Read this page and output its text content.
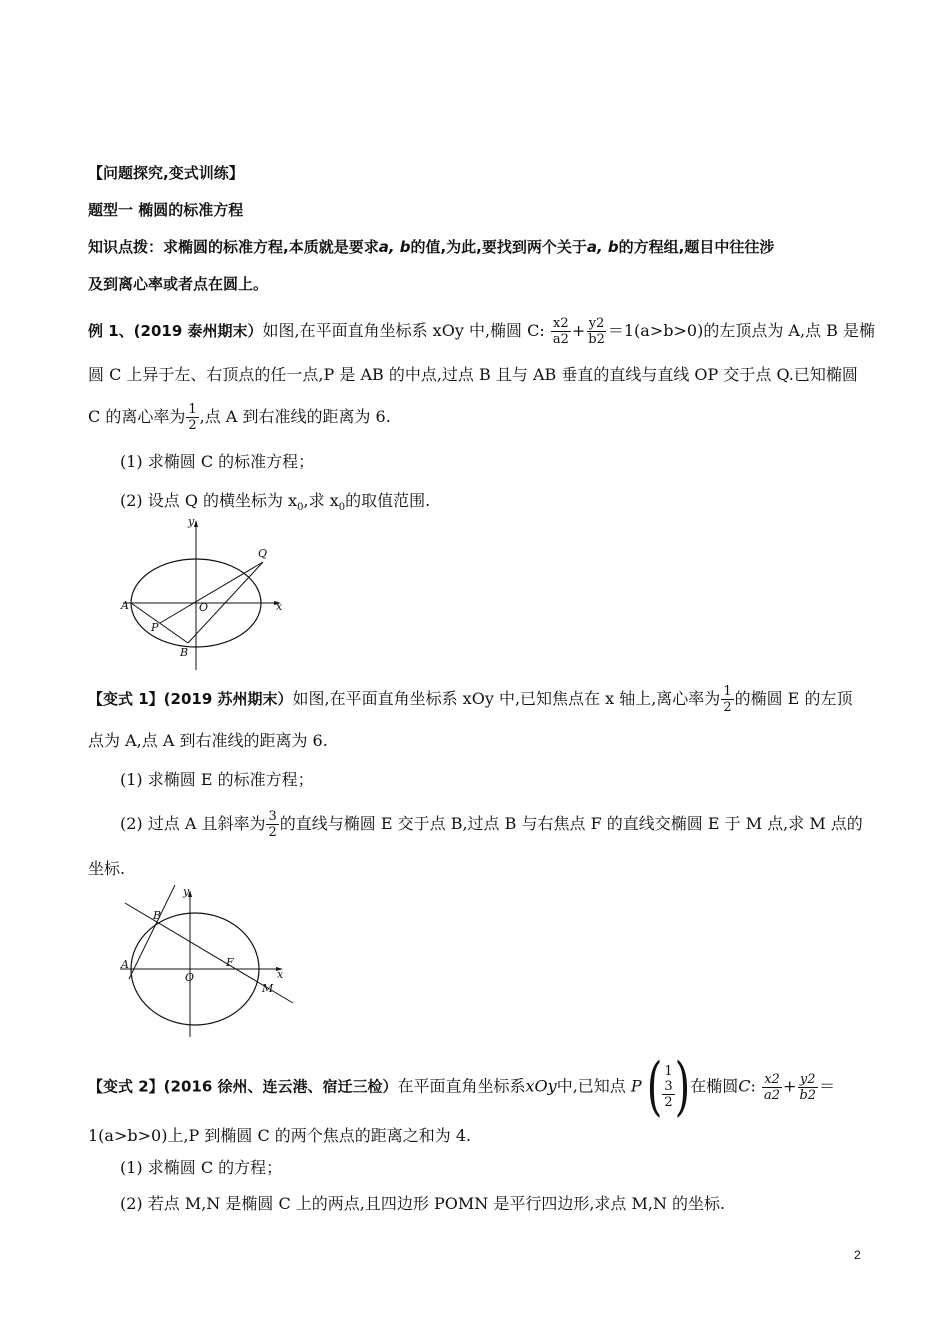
【问题探究,变式训练】
题型一 椭圆的标准方程
知识点拨：求椭圆的标准方程,本质就是要求a, b的值,为此,要找到两个关于a, b的方程组,题目中往往涉
及到离心率或者点在圆上。
例 1、(2019 泰州期末）如图,在平面直角坐标系 xOy 中,椭圆 C: $\frac{x2}{a2} + \frac{y2}{b2} =1(a>b>0)$的左顶点为 A,点 B 是椭
圆 C 上异于左、右顶点的任一点,P 是 AB 的中点,过点 B 且与 AB 垂直的直线与直线 OP 交于点 Q.已知椭圆
C 的离心率为 $\frac{1}{2}$ ,点 A 到右准线的距离为 6.
(1) 求椭圆 C 的标准方程；
(2) 设点 Q 的横坐标为 $x_0$,求 $x_0$的取值范围.
y
x
Q
A	O
P
B
【变式 1】(2019 苏州期末）如图,在平面直角坐标系 xOy 中,已知焦点在 x 轴上,离心率为 $\frac{1}{2}$ 的椭圆 E 的左顶
点为 A,点 A 到右准线的距离为 6.
(1) 求椭圆 E 的标准方程；
(2) 过点 A 且斜率为 $\frac{3}{2}$ 的直线与椭圆 E 交于点 B,过点 B 与右焦点 F 的直线交椭圆 E 于 M 点,求 M 点的
坐标.
y
x
B
A
O
F
M
【变式 2】(2016 徐州、连云港、宿迁三检）在平面直角坐标系xOy中,已知点 P ( 1
3
2 ) 在椭圆C: $\frac{x2}{a2} + \frac{y2}{b2}$ ＝
1(a>b>0)上,P 到椭圆 C 的两个焦点的距离之和为 4.
(1) 求椭圆 C 的方程；
(2) 若点 M,N 是椭圆 C 上的两点,且四边形 POMN 是平行四边形,求点 M,N 的坐标.
2
